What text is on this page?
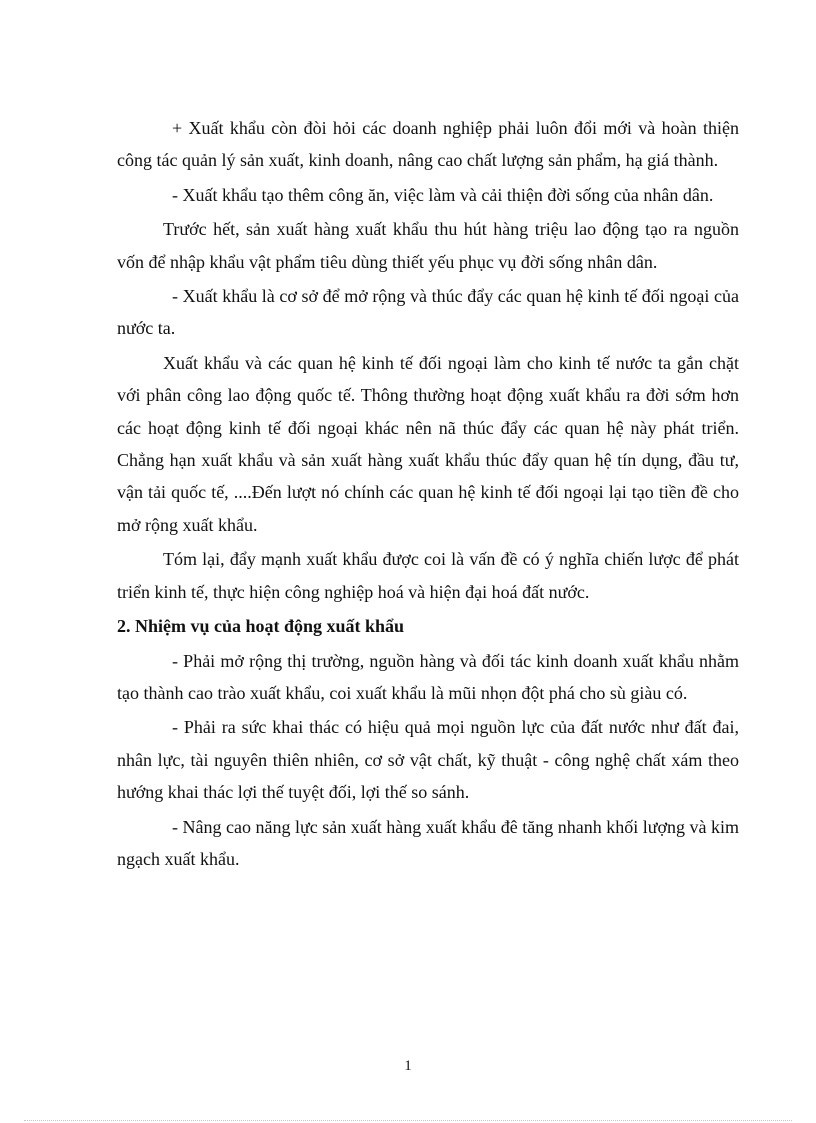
+ Xuất khẩu còn đòi hỏi các doanh nghiệp phải luôn đổi mới và hoàn thiện công tác quản lý sản xuất, kinh doanh, nâng cao chất lượng sản phẩm, hạ giá thành.

- Xuất khẩu tạo thêm công ăn, việc làm và cải thiện đời sống của nhân dân.

Trước hết, sản xuất hàng xuất khẩu thu hút hàng triệu lao động tạo ra nguồn vốn để nhập khẩu vật phẩm tiêu dùng thiết yếu phục vụ đời sống nhân dân.

- Xuất khẩu là cơ sở để mở rộng và thúc đẩy các quan hệ kinh tế đối ngoại của nước ta.

Xuất khẩu và các quan hệ kinh tế đối ngoại làm cho kinh tế nước ta gắn chặt với phân công lao động quốc tế. Thông thường hoạt động xuất khẩu ra đời sớm hơn các hoạt động kinh tế đối ngoại khác nên nã thúc đẩy các quan hệ này phát triển. Chẳng hạn xuất khẩu và sản xuất hàng xuất khẩu thúc đẩy quan hệ tín dụng, đầu tư, vận tải quốc tế, ....Đến lượt nó chính các quan hệ kinh tế đối ngoại lại tạo tiền đề cho mở rộng xuất khẩu.

Tóm lại, đẩy mạnh xuất khẩu được coi là vấn đề có ý nghĩa chiến lược để phát triển kinh tế, thực hiện công nghiệp hoá và hiện đại hoá đất nước.

2. Nhiệm vụ của hoạt động xuất khẩu

- Phải mở rộng thị trường, nguồn hàng và đối tác kinh doanh xuất khẩu nhằm tạo thành cao trào xuất khẩu, coi xuất khẩu là mũi nhọn đột phá cho sù giàu có.

- Phải ra sức khai thác có hiệu quả mọi nguồn lực của đất nước như đất đai, nhân lực, tài nguyên thiên nhiên, cơ sở vật chất, kỹ thuật - công nghệ chất xám theo hướng khai thác lợi thế tuyệt đối, lợi thế so sánh.

- Nâng cao năng lực sản xuất hàng xuất khẩu đê tăng nhanh khối lượng và kim ngạch xuất khẩu.

1
